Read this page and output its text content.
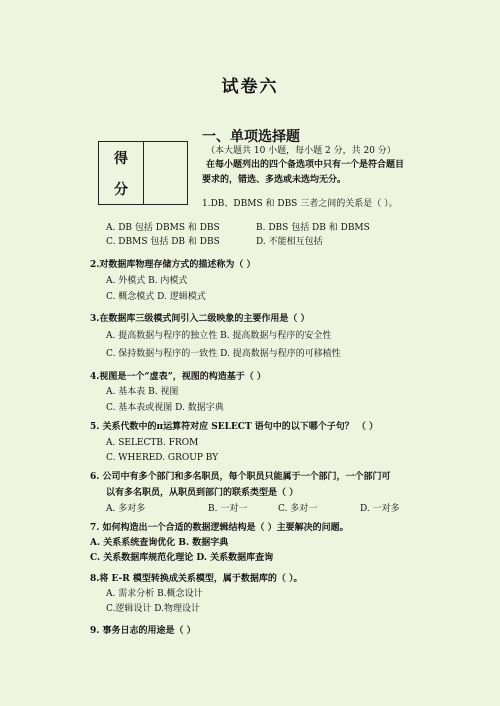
试卷六
得
分
一、单项选择题
（本大题共 10 小题，每小题 2 分，共 20 分）
在每小题列出的四个备选项中只有一个是符合题目
要求的，错选、多选或未选均无分。
1.DB、DBMS 和 DBS 三者之间的关系是（ ）。
A. DB 包括 DBMS 和 DBS	B. DBS 包括 DB 和 DBMS
C. DBMS 包括 DB 和 DBS	D. 不能相互包括
2.对数据库物理存储方式的描述称为（ ）
A. 外模式 B. 内模式
C. 概念模式 D. 逻辑模式
3.在数据库三级模式间引入二级映象的主要作用是（ ）
A. 提高数据与程序的独立性 B. 提高数据与程序的安全性
C. 保持数据与程序的一致性 D. 提高数据与程序的可移植性
4.视图是一个“虚表”，视图的构造基于（ ）
A. 基本表 B. 视图
C. 基本表或视图 D. 数据字典
5. 关系代数中的π运算符对应 SELECT 语句中的以下哪个子句？ （ ）
A. SELECTB. FROM
C. WHERED. GROUP BY
6. 公司中有多个部门和多名职员，每个职员只能属于一个部门，一个部门可
以有多名职员，从职员到部门的联系类型是（ ）
A. 多对多	B. 一对一	C. 多对一	D. 一对多
7. 如何构造出一个合适的数据逻辑结构是（ ）主要解决的问题。
A. 关系系统查询优化 B. 数据字典
C. 关系数据库规范化理论 D. 关系数据库查询
8.将 E-R 模型转换成关系模型，属于数据库的（ ）。
A. 需求分析 B.概念设计
C.逻辑设计 D.物理设计
9. 事务日志的用途是（ ）
